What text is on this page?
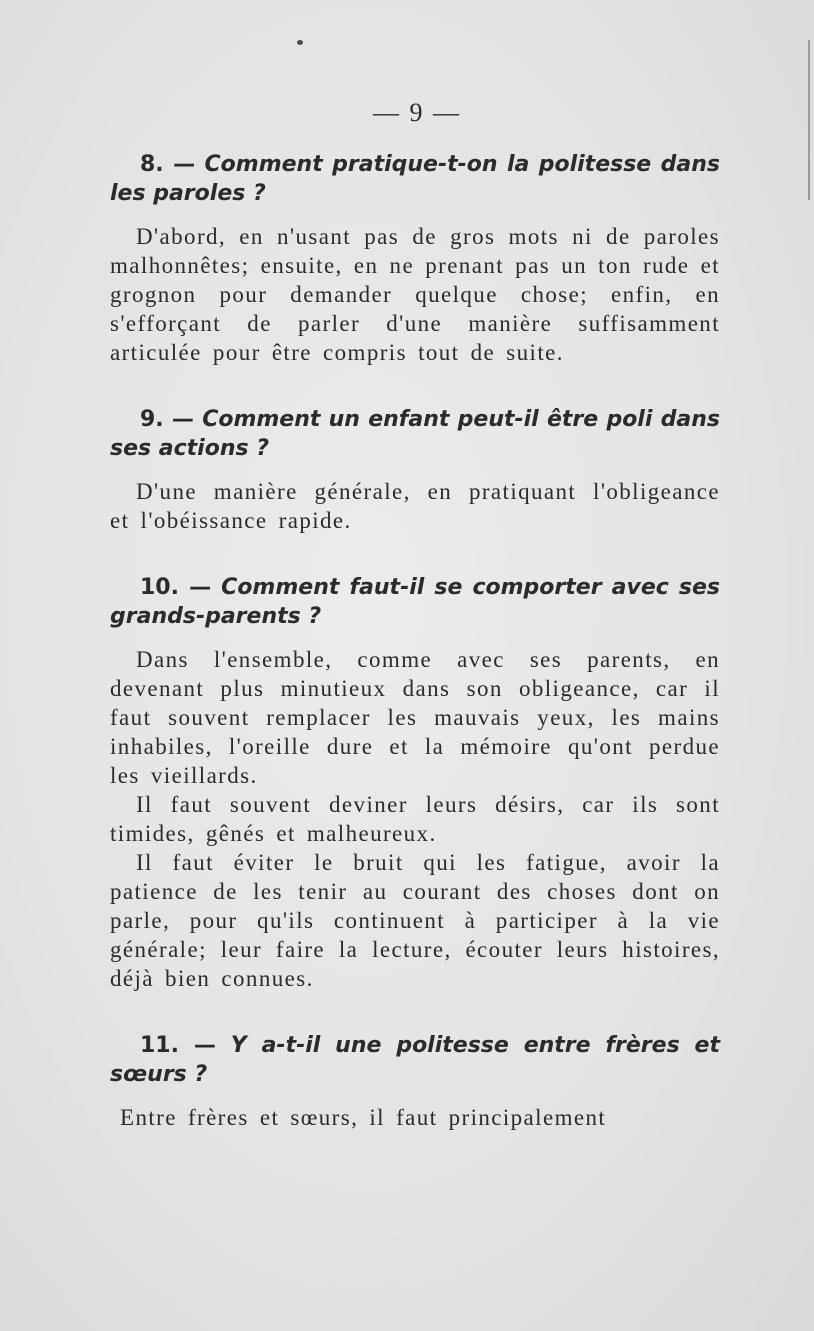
— 9 —

8. — Comment pratique-t-on la politesse dans les paroles ?

D'abord, en n'usant pas de gros mots ni de paroles malhonnêtes; ensuite, en ne prenant pas un ton rude et grognon pour demander quelque chose; enfin, en s'efforçant de parler d'une manière suffisamment articulée pour être compris tout de suite.

9. — Comment un enfant peut-il être poli dans ses actions ?

D'une manière générale, en pratiquant l'obligeance et l'obéissance rapide.

10. — Comment faut-il se comporter avec ses grands-parents ?

Dans l'ensemble, comme avec ses parents, en devenant plus minutieux dans son obligeance, car il faut souvent remplacer les mauvais yeux, les mains inhabiles, l'oreille dure et la mémoire qu'ont perdue les vieillards.

Il faut souvent deviner leurs désirs, car ils sont timides, gênés et malheureux.

Il faut éviter le bruit qui les fatigue, avoir la patience de les tenir au courant des choses dont on parle, pour qu'ils continuent à participer à la vie générale; leur faire la lecture, écouter leurs histoires, déjà bien connues.

11. — Y a-t-il une politesse entre frères et sœurs ?

Entre frères et sœurs, il faut principalement
